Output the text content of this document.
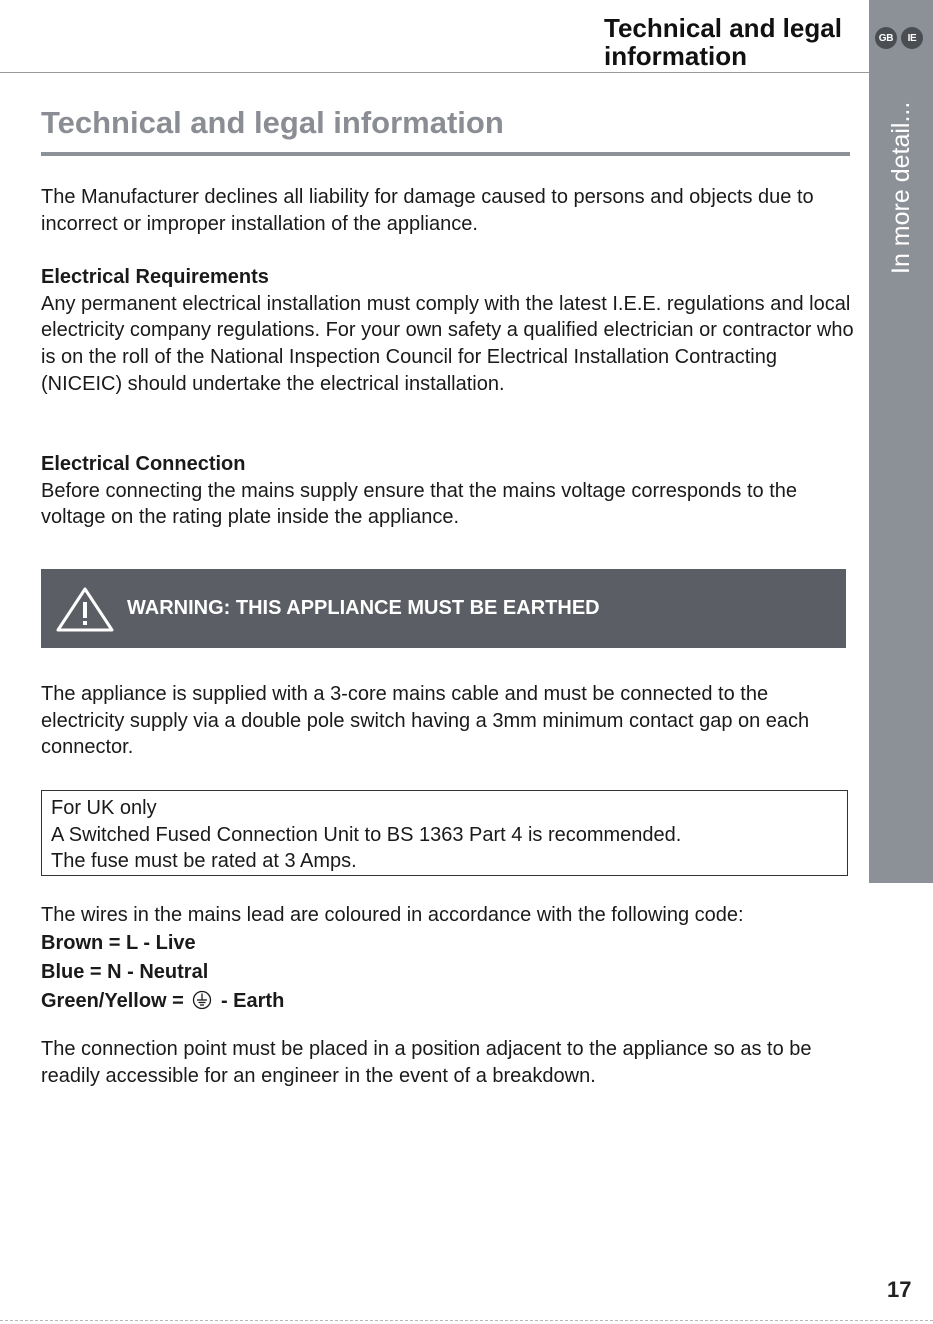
Technical and legal
information
GB	IE
In more detail...
Technical and legal information
The Manufacturer declines all liability for damage caused to persons and objects due to incorrect or improper installation of the appliance.
Electrical Requirements
Any permanent electrical installation must comply with the latest I.E.E. regulations and local electricity company regulations. For your own safety a qualified electrician or contractor who is on the roll of the National Inspection Council for Electrical Installation Contracting (NICEIC) should undertake the electrical installation.
Electrical Connection
Before connecting the mains supply ensure that the mains voltage corresponds to the voltage on the rating plate inside the appliance.
WARNING: THIS APPLIANCE MUST BE EARTHED
The appliance is supplied with a 3-core mains cable and must be connected to the electricity supply via a double pole switch having a 3mm minimum contact gap on each connector.
For UK only
A Switched Fused Connection Unit to BS 1363 Part 4 is recommended.
The fuse must be rated at 3 Amps.
The wires in the mains lead are coloured in accordance with the following code:
Brown = L - Live
Blue = N - Neutral
Green/Yellow = - Earth
The connection point must be placed in a position adjacent to the appliance so as to be readily accessible for an engineer in the event of a breakdown.
17
